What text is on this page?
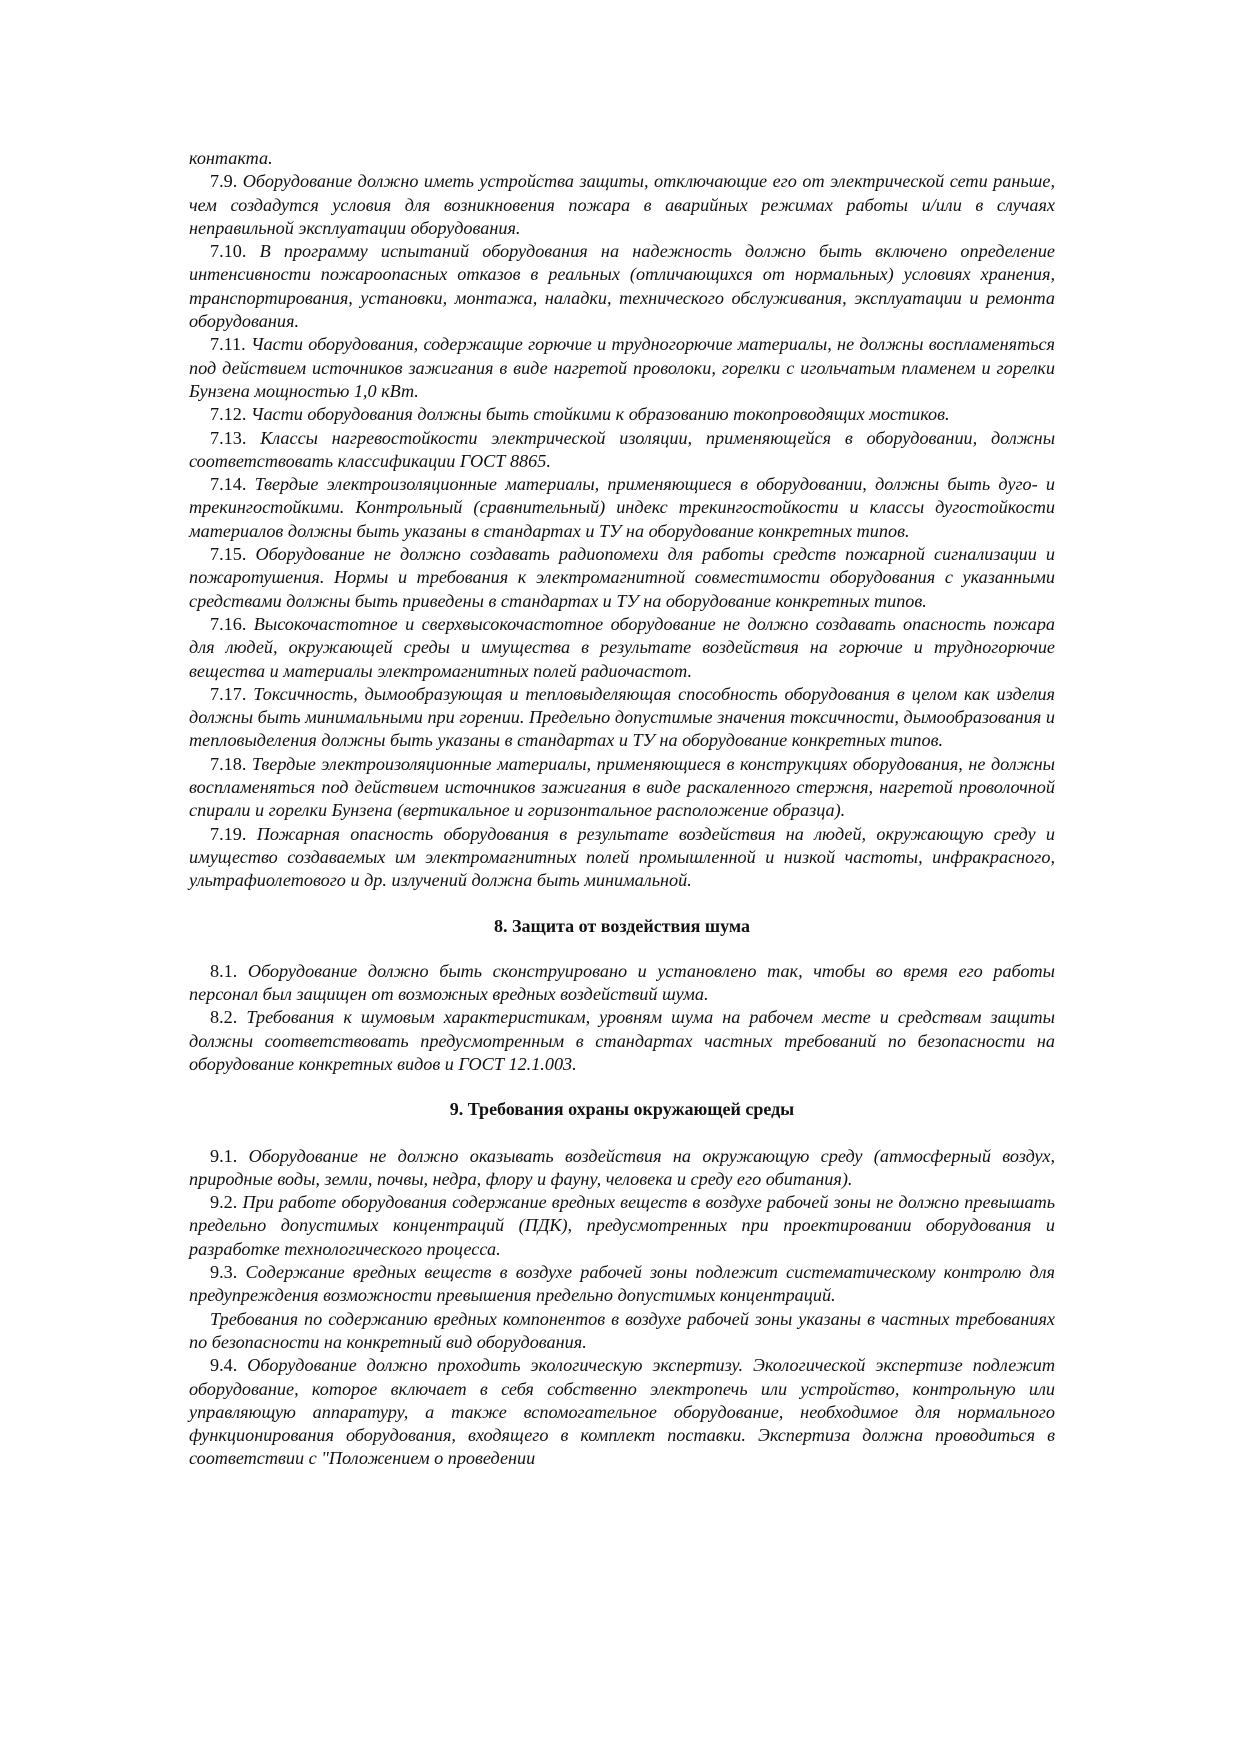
контакта.

7.9. Оборудование должно иметь устройства защиты, отключающие его от электрической сети раньше, чем создадутся условия для возникновения пожара в аварийных режимах работы и/или в случаях неправильной эксплуатации оборудования.

7.10. В программу испытаний оборудования на надежность должно быть включено определение интенсивности пожароопасных отказов в реальных (отличающихся от нормальных) условиях хранения, транспортирования, установки, монтажа, наладки, технического обслуживания, эксплуатации и ремонта оборудования.

7.11. Части оборудования, содержащие горючие и трудногорючие материалы, не должны воспламеняться под действием источников зажигания в виде нагретой проволоки, горелки с игольчатым пламенем и горелки Бунзена мощностью 1,0 кВт.

7.12. Части оборудования должны быть стойкими к образованию токопроводящих мостиков.

7.13. Классы нагревостойкости электрической изоляции, применяющейся в оборудовании, должны соответствовать классификации ГОСТ 8865.

7.14. Твердые электроизоляционные материалы, применяющиеся в оборудовании, должны быть дуго- и трекингостойкими. Контрольный (сравнительный) индекс трекингостойкости и классы дугостойкости материалов должны быть указаны в стандартах и ТУ на оборудование конкретных типов.

7.15. Оборудование не должно создавать радиопомехи для работы средств пожарной сигнализации и пожаротушения. Нормы и требования к электромагнитной совместимости оборудования с указанными средствами должны быть приведены в стандартах и ТУ на оборудование конкретных типов.

7.16. Высокочастотное и сверхвысокочастотное оборудование не должно создавать опасность пожара для людей, окружающей среды и имущества в результате воздействия на горючие и трудногорючие вещества и материалы электромагнитных полей радиочастот.

7.17. Токсичность, дымообразующая и тепловыделяющая способность оборудования в целом как изделия должны быть минимальными при горении. Предельно допустимые значения токсичности, дымообразования и тепловыделения должны быть указаны в стандартах и ТУ на оборудование конкретных типов.

7.18. Твердые электроизоляционные материалы, применяющиеся в конструкциях оборудования, не должны воспламеняться под действием источников зажигания в виде раскаленного стержня, нагретой проволочной спирали и горелки Бунзена (вертикальное и горизонтальное расположение образца).

7.19. Пожарная опасность оборудования в результате воздействия на людей, окружающую среду и имущество создаваемых им электромагнитных полей промышленной и низкой частоты, инфракрасного, ультрафиолетового и др. излучений должна быть минимальной.

8. Защита от воздействия шума

8.1. Оборудование должно быть сконструировано и установлено так, чтобы во время его работы персонал был защищен от возможных вредных воздействий шума.

8.2. Требования к шумовым характеристикам, уровням шума на рабочем месте и средствам защиты должны соответствовать предусмотренным в стандартах частных требований по безопасности на оборудование конкретных видов и ГОСТ 12.1.003.

9. Требования охраны окружающей среды

9.1. Оборудование не должно оказывать воздействия на окружающую среду (атмосферный воздух, природные воды, земли, почвы, недра, флору и фауну, человека и среду его обитания).

9.2. При работе оборудования содержание вредных веществ в воздухе рабочей зоны не должно превышать предельно допустимых концентраций (ПДК), предусмотренных при проектировании оборудования и разработке технологического процесса.

9.3. Содержание вредных веществ в воздухе рабочей зоны подлежит систематическому контролю для предупреждения возможности превышения предельно допустимых концентраций.

Требования по содержанию вредных компонентов в воздухе рабочей зоны указаны в частных требованиях по безопасности на конкретный вид оборудования.

9.4. Оборудование должно проходить экологическую экспертизу. Экологической экспертизе подлежит оборудование, которое включает в себя собственно электропечь или устройство, контрольную или управляющую аппаратуру, а также вспомогательное оборудование, необходимое для нормального функционирования оборудования, входящего в комплект поставки. Экспертиза должна проводиться в соответствии с "Положением о проведении
